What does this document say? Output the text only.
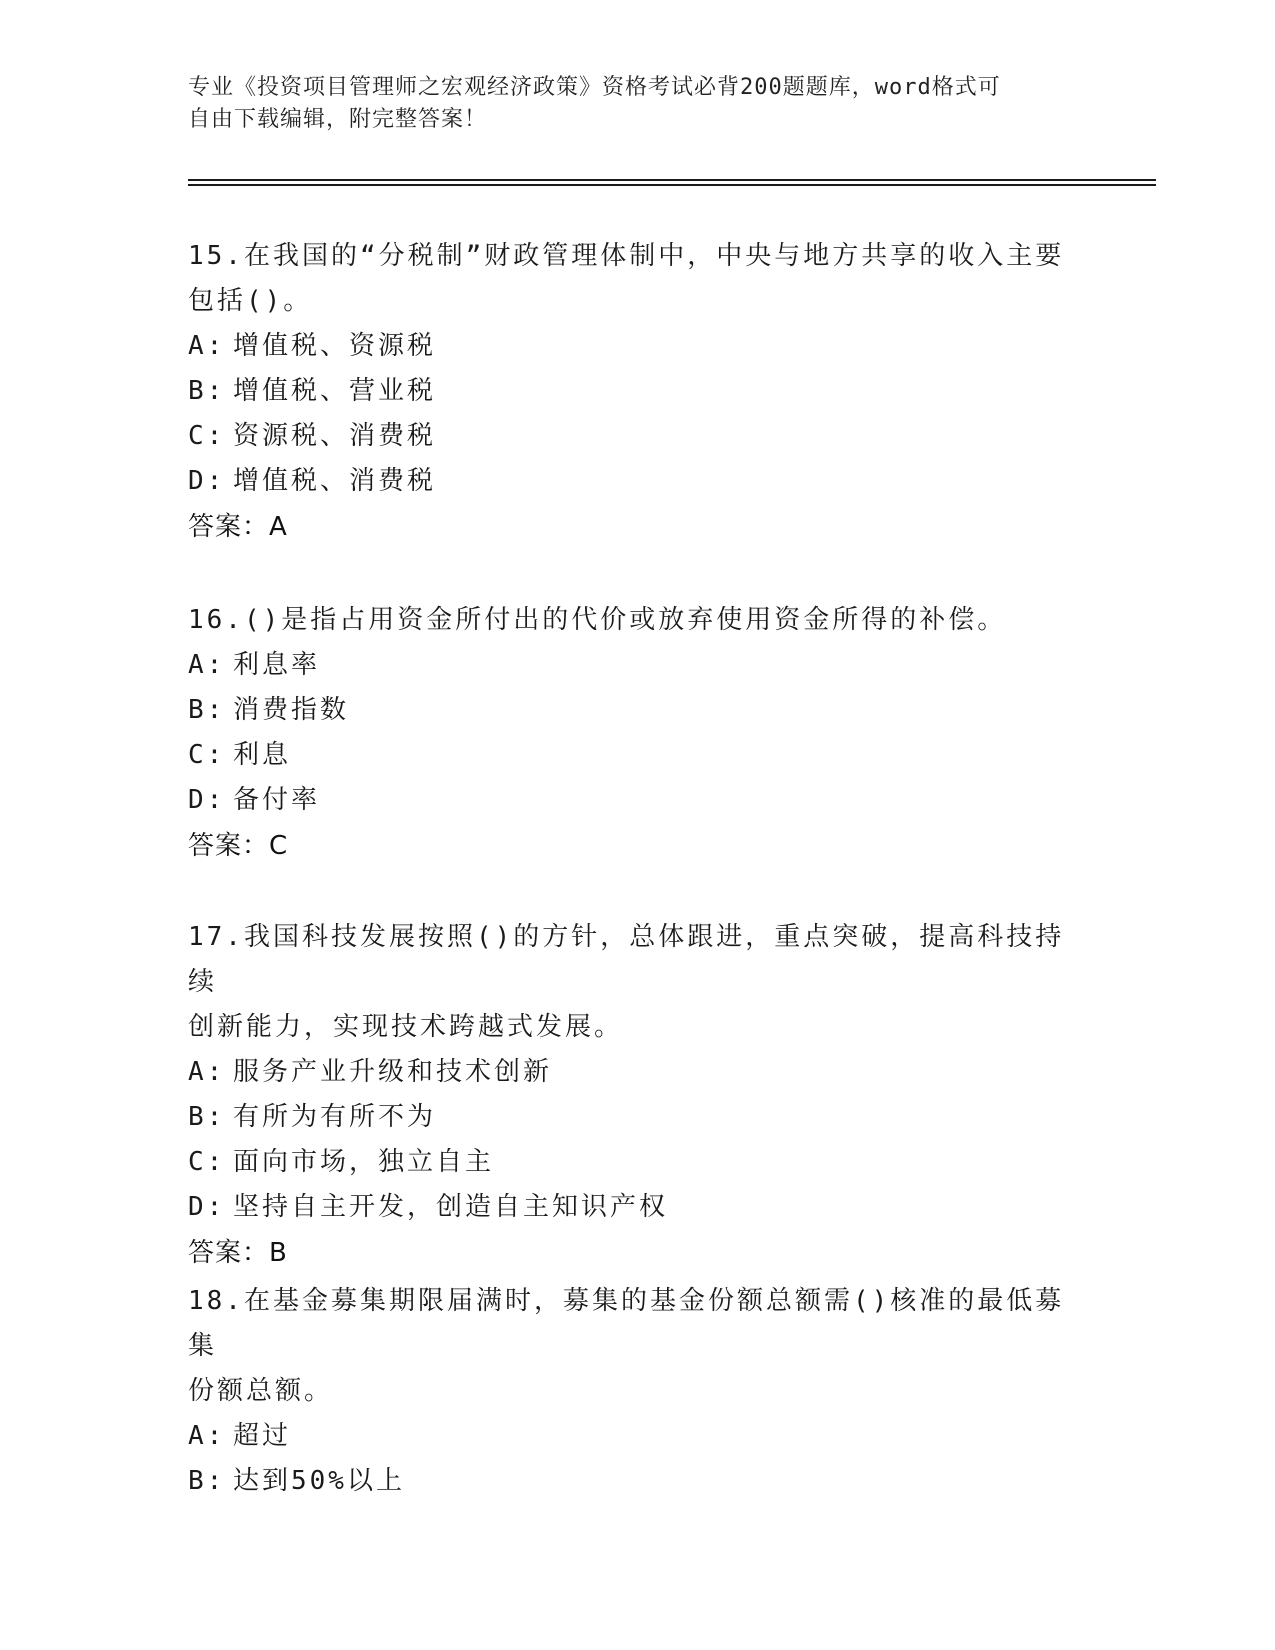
专业《投资项目管理师之宏观经济政策》资格考试必背200题题库，word格式可
自由下载编辑，附完整答案！

15.在我国的“分税制”财政管理体制中，中央与地方共享的收入主要

包括()。

A: 增值税、资源税

B: 增值税、营业税

C: 资源税、消费税

D: 增值税、消费税

答案：A

16.()是指占用资金所付出的代价或放弃使用资金所得的补偿。

A: 利息率

B: 消费指数

C: 利息

D: 备付率

答案：C

17.我国科技发展按照()的方针，总体跟进，重点突破，提高科技持续

创新能力，实现技术跨越式发展。

A: 服务产业升级和技术创新

B: 有所为有所不为

C: 面向市场，独立自主

D: 坚持自主开发，创造自主知识产权

答案：B

18.在基金募集期限届满时，募集的基金份额总额需()核准的最低募集

份额总额。

A: 超过

B: 达到50%以上
